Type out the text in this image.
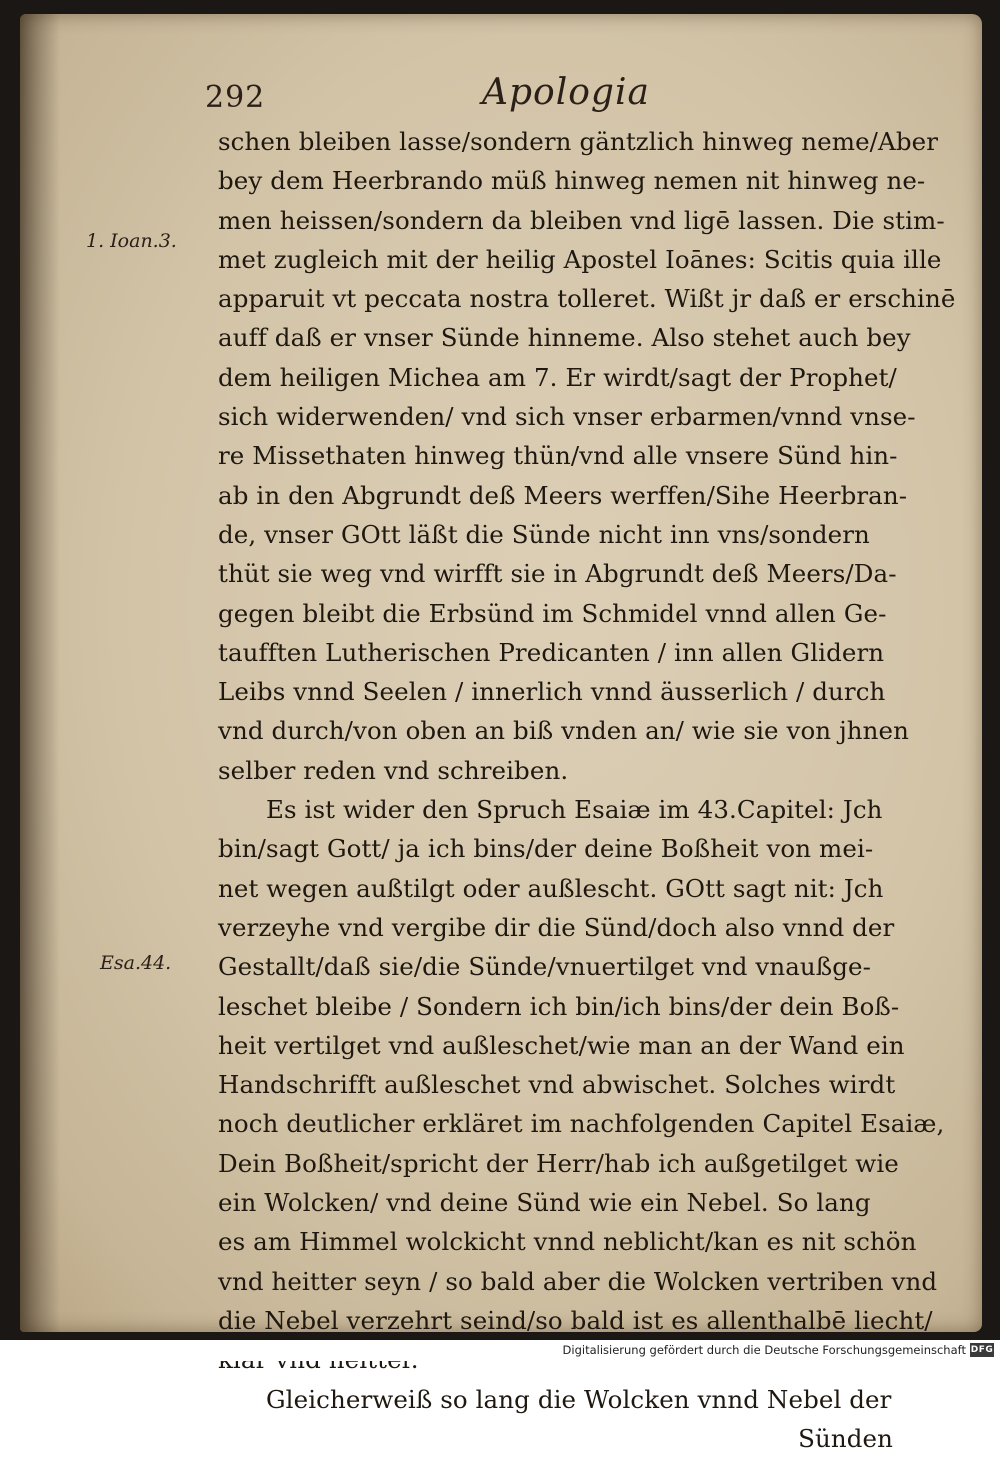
292	Apologia
1. Ioan.3.
Esa.44.
schen bleiben lasse/sondern gäntzlich hinweg neme/Aber
bey dem Heerbrando müß hinweg nemen nit hinweg ne-
men heissen/sondern da bleiben vnd ligē lassen. Die stim-
met zugleich mit der heilig Apostel Ioānes: Scitis quia ille
apparuit vt peccata nostra tolleret. Wißt jr daß er erschinē
auff daß er vnser Sünde hinneme. Also stehet auch bey
dem heiligen Michea am 7. Er wirdt/sagt der Prophet/
sich widerwenden/ vnd sich vnser erbarmen/vnnd vnse-
re Missethaten hinweg thün/vnd alle vnsere Sünd hin-
ab in den Abgrundt deß Meers werffen/Sihe Heerbran-
de, vnser GOtt läßt die Sünde nicht inn vns/sondern
thüt sie weg vnd wirfft sie in Abgrundt deß Meers/Da-
gegen bleibt die Erbsünd im Schmidel vnnd allen Ge-
taufften Lutherischen Predicanten / inn allen Glidern
Leibs vnnd Seelen / innerlich vnnd äusserlich / durch
vnd durch/von oben an biß vnden an/ wie sie von jhnen
selber reden vnd schreiben.
Es ist wider den Spruch Esaiæ im 43.Capitel: Jch
bin/sagt Gott/ ja ich bins/der deine Boßheit von mei-
net wegen außtilgt oder außlescht. GOtt sagt nit: Jch
verzeyhe vnd vergibe dir die Sünd/doch also vnnd der
Gestallt/daß sie/die Sünde/vnuertilget vnd vnaußge-
leschet bleibe / Sondern ich bin/ich bins/der dein Boß-
heit vertilget vnd außleschet/wie man an der Wand ein
Handschrifft außleschet vnd abwischet. Solches wirdt
noch deutlicher erkläret im nachfolgenden Capitel Esaiæ,
Dein Boßheit/spricht der Herr/hab ich außgetilget wie
ein Wolcken/ vnd deine Sünd wie ein Nebel. So lang
es am Himmel wolckicht vnnd neblicht/kan es nit schön
vnd heitter seyn / so bald aber die Wolcken vertriben vnd
die Nebel verzehrt seind/so bald ist es allenthalbē liecht/
Gleicherweiß so lang die Wolcken vnnd Nebel der
Sünden
Digitalisierung gefördert durch die Deutsche Forschungsgemeinschaft DFG
